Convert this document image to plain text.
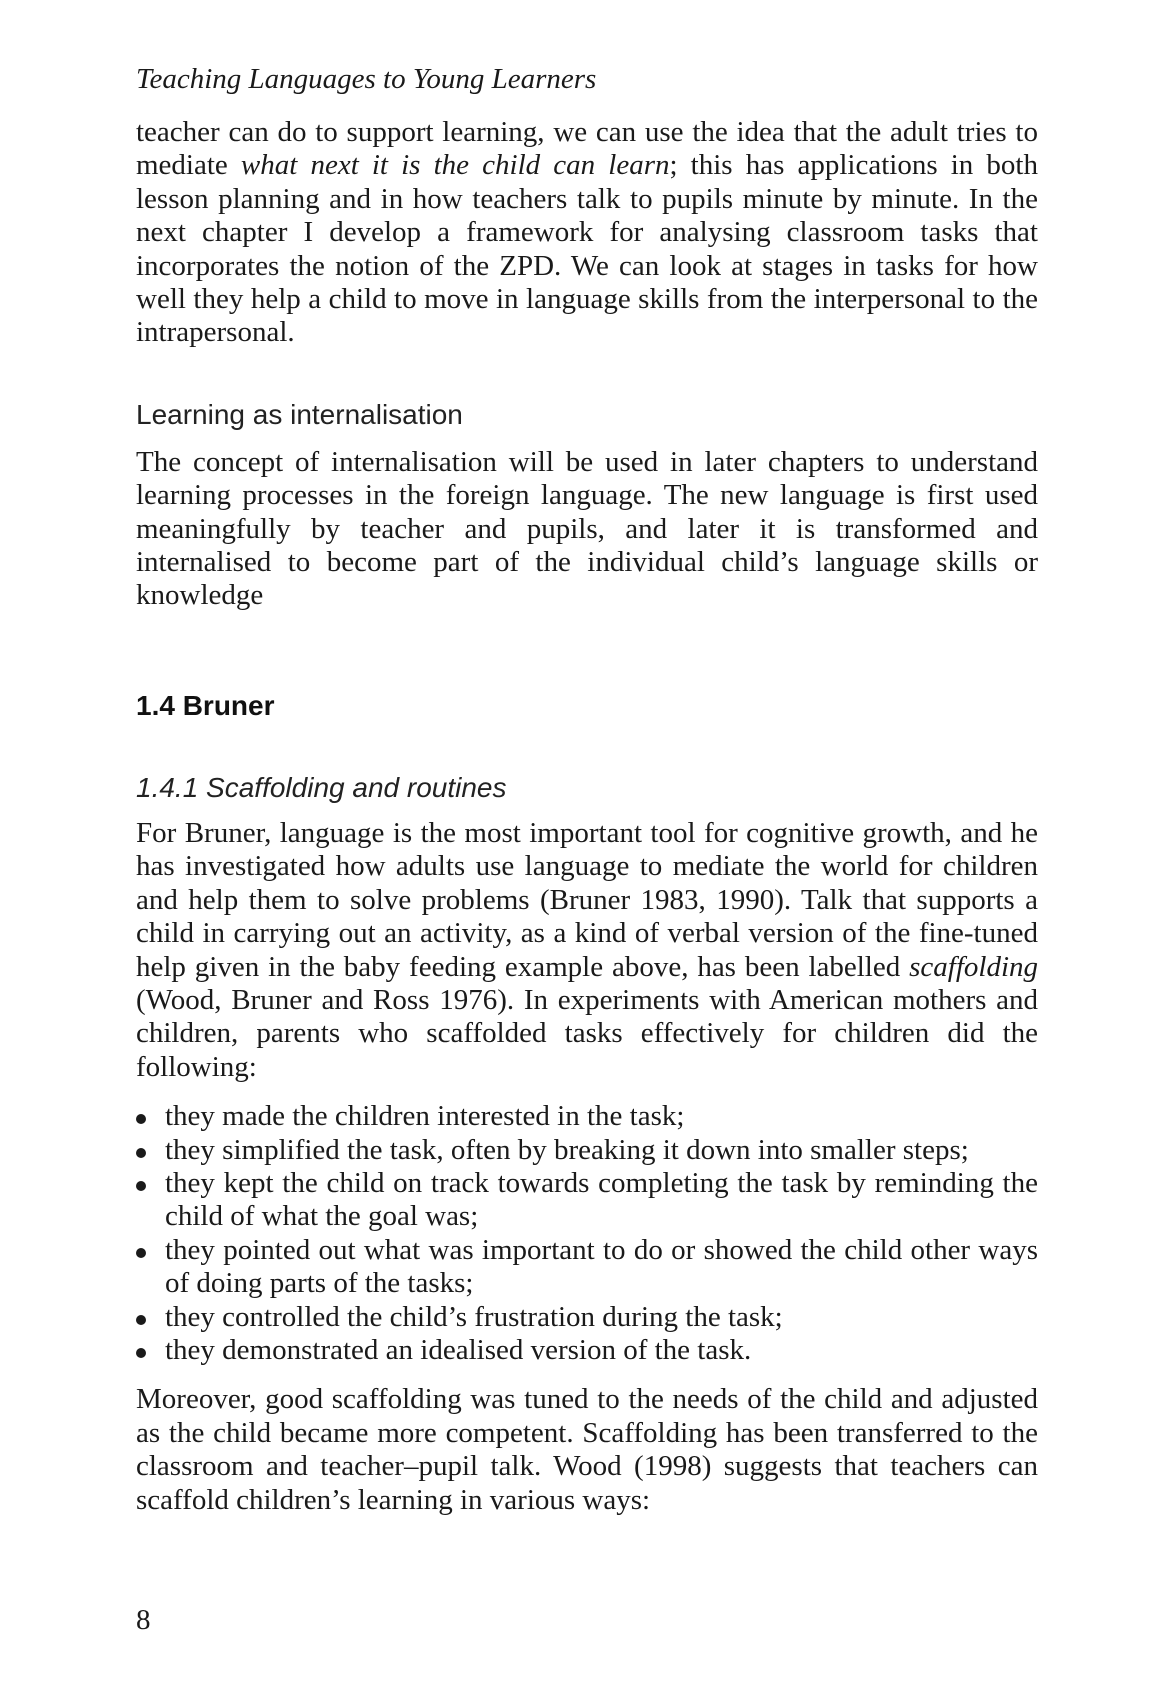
Teaching Languages to Young Learners

teacher can do to support learning, we can use the idea that the adult tries to mediate what next it is the child can learn; this has applications in both lesson planning and in how teachers talk to pupils minute by minute. In the next chapter I develop a framework for analysing classroom tasks that incorporates the notion of the ZPD. We can look at stages in tasks for how well they help a child to move in language skills from the interpersonal to the intrapersonal.

Learning as internalisation

The concept of internalisation will be used in later chapters to understand learning processes in the foreign language. The new language is first used meaningfully by teacher and pupils, and later it is transformed and internalised to become part of the individual child’s language skills or knowledge

1.4 Bruner
1.4.1 Scaffolding and routines

For Bruner, language is the most important tool for cognitive growth, and he has investigated how adults use language to mediate the world for children and help them to solve problems (Bruner 1983, 1990). Talk that supports a child in carrying out an activity, as a kind of verbal version of the fine-tuned help given in the baby feeding example above, has been labelled scaffolding (Wood, Bruner and Ross 1976). In experiments with American mothers and children, parents who scaffolded tasks effectively for children did the following:

they made the children interested in the task;
they simplified the task, often by breaking it down into smaller steps;
they kept the child on track towards completing the task by reminding the child of what the goal was;
they pointed out what was important to do or showed the child other ways of doing parts of the tasks;
they controlled the child’s frustration during the task;
they demonstrated an idealised version of the task.

Moreover, good scaffolding was tuned to the needs of the child and adjusted as the child became more competent. Scaffolding has been transferred to the classroom and teacher–pupil talk. Wood (1998) suggests that teachers can scaffold children’s learning in various ways:

8
